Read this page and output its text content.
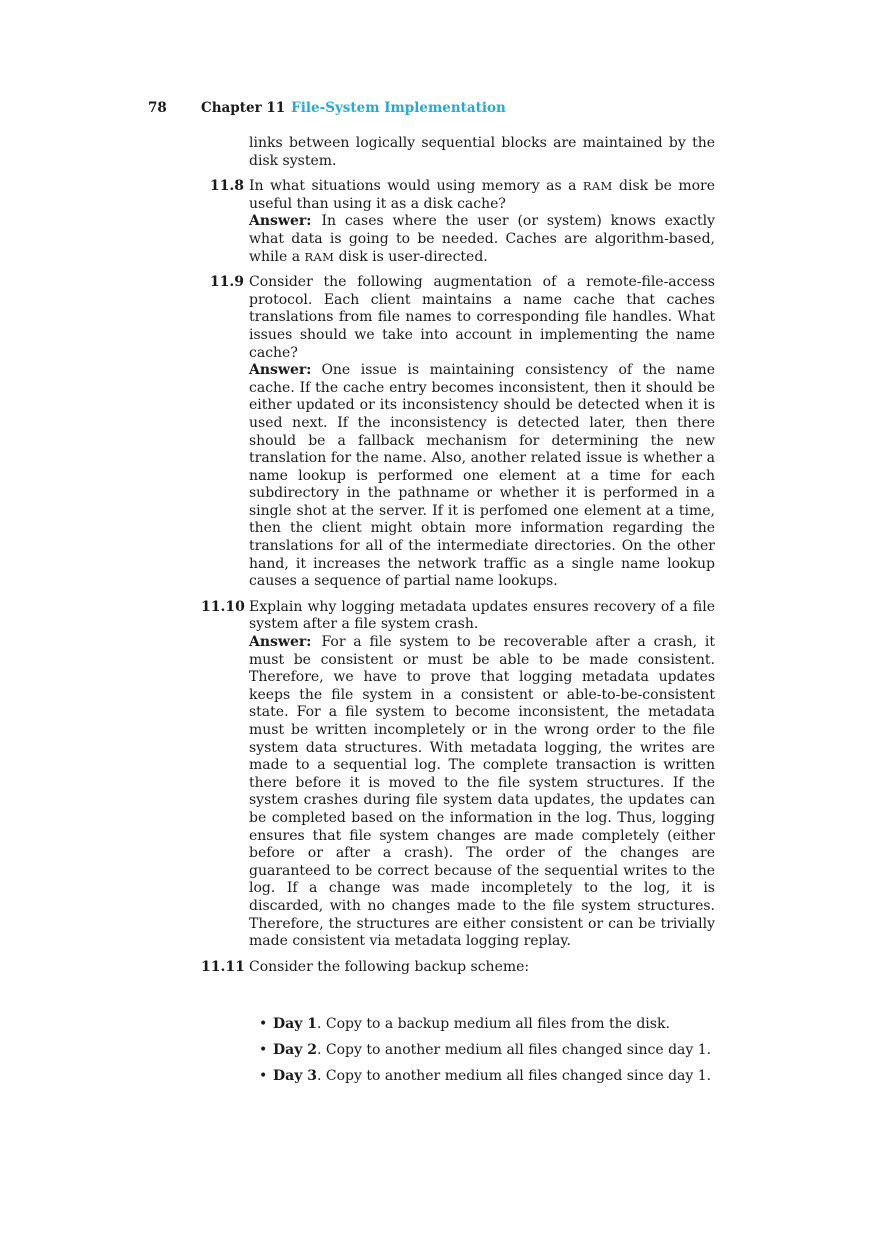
78	Chapter 11 File-System Implementation

links between logically sequential blocks are maintained by the disk system.

11.8 In what situations would using memory as a RAM disk be more useful than using it as a disk cache?

Answer: In cases where the user (or system) knows exactly what data is going to be needed. Caches are algorithm-based, while a RAM disk is user-directed.

11.9 Consider the following augmentation of a remote-file-access protocol. Each client maintains a name cache that caches translations from file names to corresponding file handles. What issues should we take into account in implementing the name cache?

Answer: One issue is maintaining consistency of the name cache. If the cache entry becomes inconsistent, then it should be either updated or its inconsistency should be detected when it is used next. If the inconsistency is detected later, then there should be a fallback mechanism for determining the new translation for the name. Also, another related issue is whether a name lookup is performed one element at a time for each subdirectory in the pathname or whether it is performed in a single shot at the server. If it is perfomed one element at a time, then the client might obtain more information regarding the translations for all of the intermediate directories. On the other hand, it increases the network traffic as a single name lookup causes a sequence of partial name lookups.

11.10 Explain why logging metadata updates ensures recovery of a file system after a file system crash.

Answer: For a file system to be recoverable after a crash, it must be consistent or must be able to be made consistent. Therefore, we have to prove that logging metadata updates keeps the file system in a consistent or able-to-be-consistent state. For a file system to become inconsistent, the metadata must be written incompletely or in the wrong order to the file system data structures. With metadata logging, the writes are made to a sequential log. The complete transaction is written there before it is moved to the file system structures. If the system crashes during file system data updates, the updates can be completed based on the information in the log. Thus, logging ensures that file system changes are made completely (either before or after a crash). The order of the changes are guaranteed to be correct because of the sequential writes to the log. If a change was made incompletely to the log, it is discarded, with no changes made to the file system structures. Therefore, the structures are either consistent or can be trivially made consistent via metadata logging replay.

11.11 Consider the following backup scheme:

• Day 1. Copy to a backup medium all files from the disk.
• Day 2. Copy to another medium all files changed since day 1.
• Day 3. Copy to another medium all files changed since day 1.
